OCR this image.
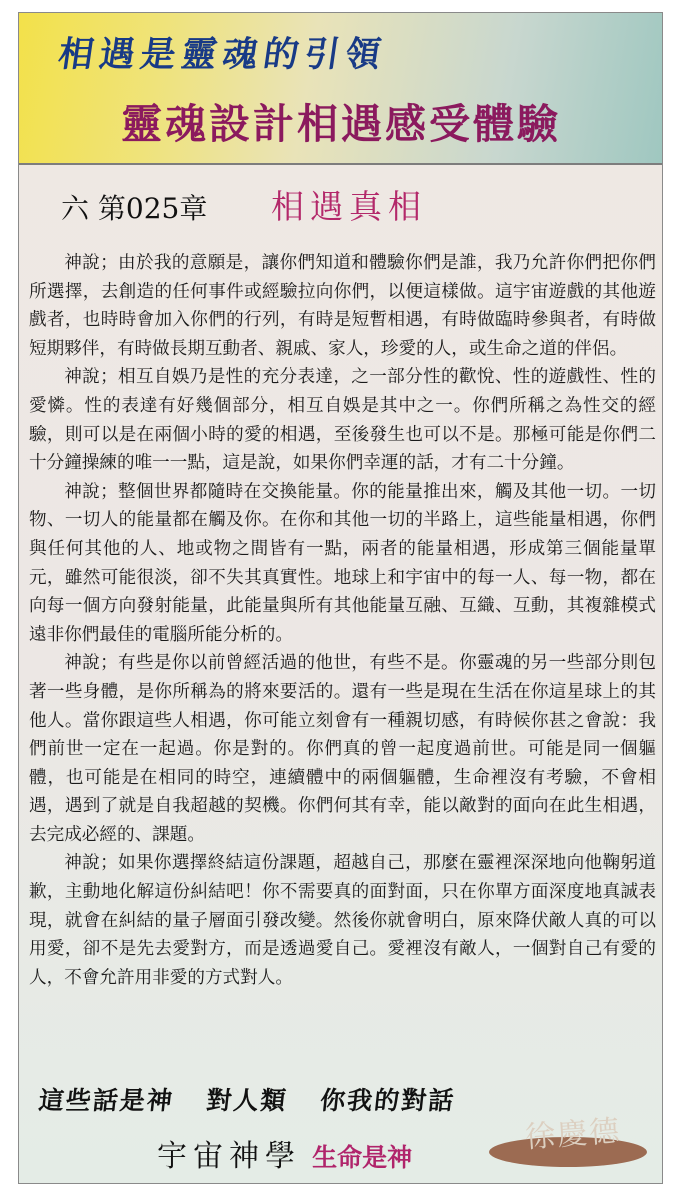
相遇是靈魂的引領
靈魂設計相遇感受體驗
六 第025章 相遇真相

神說；由於我的意願是，讓你們知道和體驗你們是誰，我乃允許你們把你們所選擇，去創造的任何事件或經驗拉向你們，以便這樣做。這宇宙遊戲的其他遊戲者，也時時會加入你們的行列，有時是短暫相遇，有時做臨時參與者，有時做短期夥伴，有時做長期互動者、親戚、家人，珍愛的人，或生命之道的伴侶。

神說；相互自娛乃是性的充分表達，之一部分性的歡悅、性的遊戲性、性的愛憐。性的表達有好幾個部分，相互自娛是其中之一。你們所稱之為性交的經驗，則可以是在兩個小時的愛的相遇，至後發生也可以不是。那極可能是你們二十分鐘操練的唯一一點，這是說，如果你們幸運的話，才有二十分鐘。

神說；整個世界都隨時在交換能量。你的能量推出來，觸及其他一切。一切物、一切人的能量都在觸及你。在你和其他一切的半路上，這些能量相遇，你們與任何其他的人、地或物之間皆有一點，兩者的能量相遇，形成第三個能量單元，雖然可能很淡，卻不失其真實性。地球上和宇宙中的每一人、每一物，都在向每一個方向發射能量，此能量與所有其他能量互融、互織、互動，其複雜模式遠非你們最佳的電腦所能分析的。

神說；有些是你以前曾經活過的他世，有些不是。你靈魂的另一些部分則包著一些身體，是你所稱為的將來要活的。還有一些是現在生活在你這星球上的其他人。當你跟這些人相遇，你可能立刻會有一種親切感，有時候你甚之會說：我們前世一定在一起過。你是對的。你們真的曾一起度過前世。可能是同一個軀體，也可能是在相同的時空，連續體中的兩個軀體，生命裡沒有考驗，不會相遇，遇到了就是自我超越的契機。你們何其有幸，能以敵對的面向在此生相遇，去完成必經的、課題。

神說；如果你選擇終結這份課題，超越自己，那麼在靈裡深深地向他鞠躬道歉，主動地化解這份糾結吧！你不需要真的面對面，只在你單方面深度地真誠表現，就會在糾結的量子層面引發改變。然後你就會明白，原來降伏敵人真的可以用愛，卻不是先去愛對方，而是透過愛自己。愛裡沒有敵人，一個對自己有愛的人，不會允許用非愛的方式對人。

這些話是神 對人類 你我的對話
宇宙神學 生命是神
徐慶德
